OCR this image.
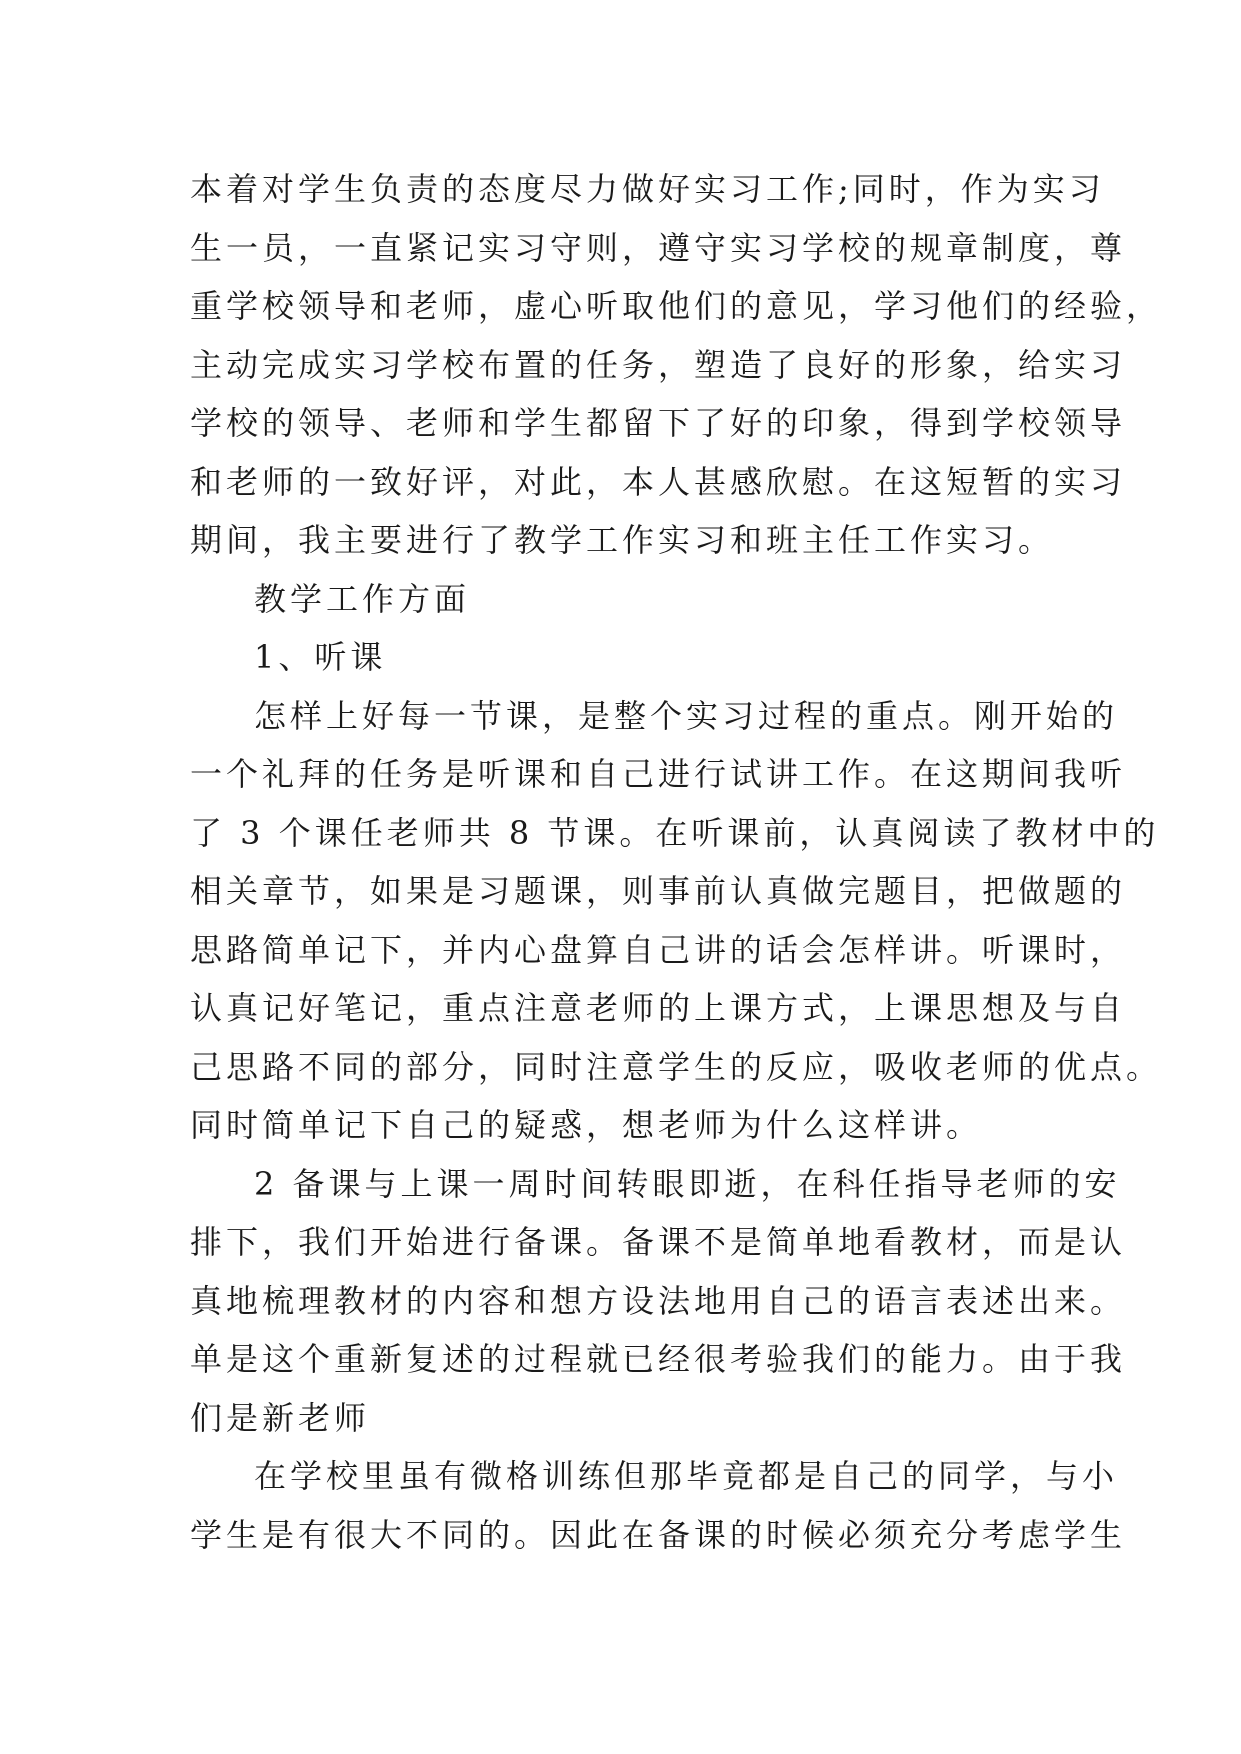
本着对学生负责的态度尽力做好实习工作;同时，作为实习
生一员，一直紧记实习守则，遵守实习学校的规章制度，尊
重学校领导和老师，虚心听取他们的意见，学习他们的经验，
主动完成实习学校布置的任务，塑造了良好的形象，给实习
学校的领导、老师和学生都留下了好的印象，得到学校领导
和老师的一致好评，对此，本人甚感欣慰。在这短暂的实习
期间，我主要进行了教学工作实习和班主任工作实习。
教学工作方面
1、听课
怎样上好每一节课，是整个实习过程的重点。刚开始的
一个礼拜的任务是听课和自己进行试讲工作。在这期间我听
了 3 个课任老师共 8 节课。在听课前，认真阅读了教材中的
相关章节，如果是习题课，则事前认真做完题目，把做题的
思路简单记下，并内心盘算自己讲的话会怎样讲。听课时，
认真记好笔记，重点注意老师的上课方式，上课思想及与自
己思路不同的部分，同时注意学生的反应，吸收老师的优点。
同时简单记下自己的疑惑，想老师为什么这样讲。
2 备课与上课一周时间转眼即逝，在科任指导老师的安
排下，我们开始进行备课。备课不是简单地看教材，而是认
真地梳理教材的内容和想方设法地用自己的语言表述出来。
单是这个重新复述的过程就已经很考验我们的能力。由于我
们是新老师
在学校里虽有微格训练但那毕竟都是自己的同学，与小
学生是有很大不同的。因此在备课的时候必须充分考虑学生
